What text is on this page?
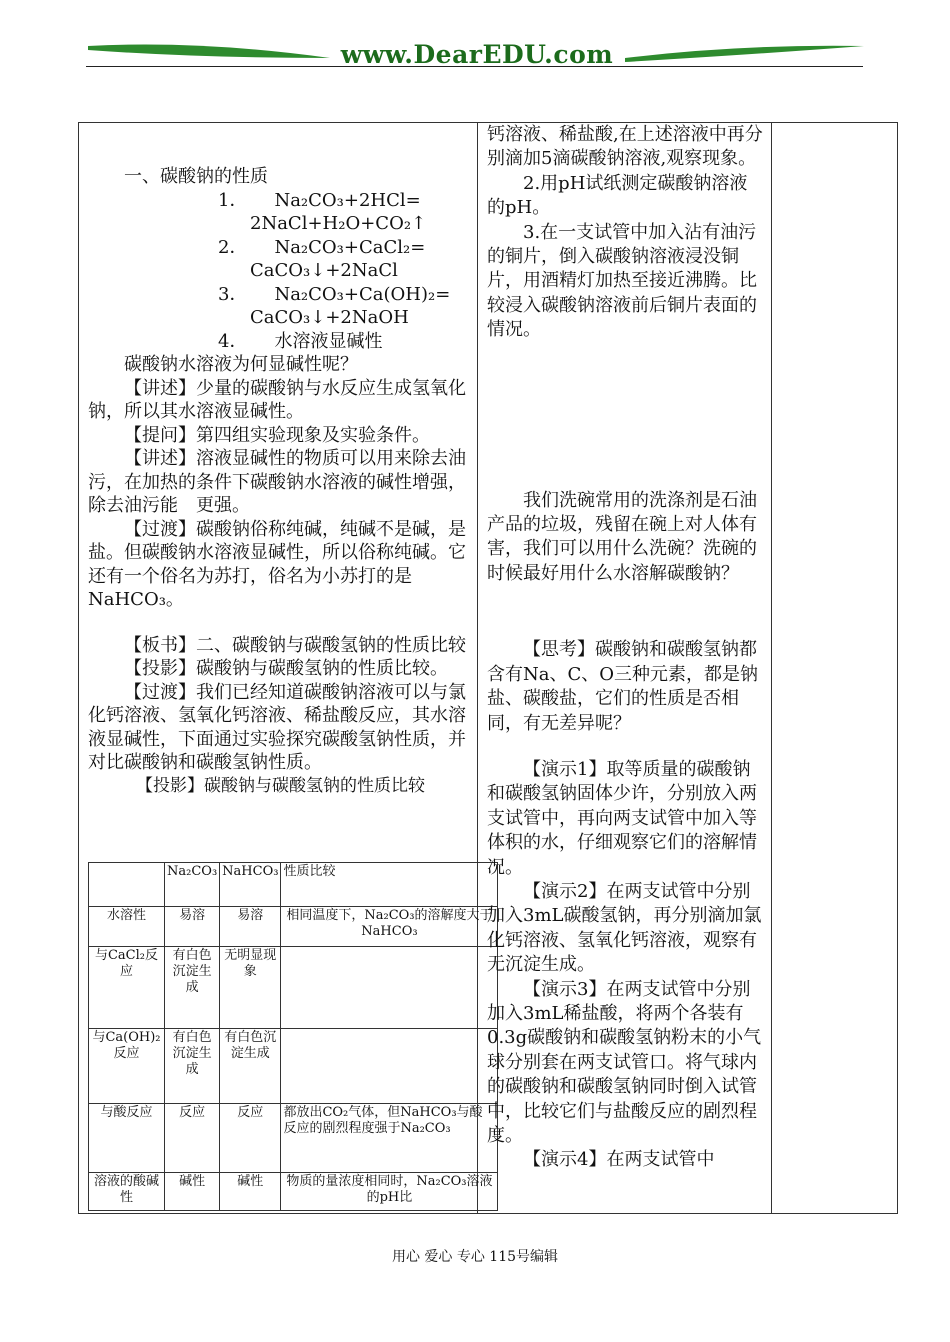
www.DearEDU.com

一、碳酸钠的性质

1．　　Na₂CO₃+2HCl=

2NaCl+H₂O+CO₂↑

2．　　Na₂CO₃+CaCl₂=

CaCO₃↓+2NaCl

3．　　Na₂CO₃+Ca(OH)₂=

CaCO₃↓+2NaOH

4．　　水溶液显碱性

碳酸钠水溶液为何显碱性呢？

【讲述】少量的碳酸钠与水反应生成氢氧化钠，所以其水溶液显碱性。

【提问】第四组实验现象及实验条件。

【讲述】溶液显碱性的物质可以用来除去油污，在加热的条件下碳酸钠水溶液的碱性增强，除去油污能　更强。

【过渡】碳酸钠俗称纯碱，纯碱不是碱，是盐。但碳酸钠水溶液显碱性，所以俗称纯碱。它还有一个俗名为苏打，俗名为小苏打的是NaHCO₃。

【板书】二、碳酸钠与碳酸氢钠的性质比较

【投影】碳酸钠与碳酸氢钠的性质比较。

【过渡】我们已经知道碳酸钠溶液可以与氯化钙溶液、氢氧化钙溶液、稀盐酸反应，其水溶液显碱性，下面通过实验探究碳酸氢钠性质，并对比碳酸钠和碳酸氢钠性质。

【投影】碳酸钠与碳酸氢钠的性质比较

	Na₂CO₃	NaHCO₃	性质比较
水溶性	易溶	易溶	相同温度下，Na₂CO₃的溶解度大于NaHCO₃
与CaCl₂反应	有白色沉淀生成	无明显现象	
与Ca(OH)₂反应	有白色沉淀生成	有白色沉淀生成	
与酸反应	反应	反应	都放出CO₂气体，但NaHCO₃与酸反应的剧烈程度强于Na₂CO₃
溶液的酸碱性	碱性	碱性	物质的量浓度相同时，Na₂CO₃溶液的pH比

钙溶液、稀盐酸,在上述溶液中再分别滴加5滴碳酸钠溶液,观察现象。

2.用pH试纸测定碳酸钠溶液的pH。

3.在一支试管中加入沾有油污的铜片，倒入碳酸钠溶液浸没铜片，用酒精灯加热至接近沸腾。比较浸入碳酸钠溶液前后铜片表面的情况。

我们洗碗常用的洗涤剂是石油产品的垃圾，残留在碗上对人体有害，我们可以用什么洗碗？洗碗的时候最好用什么水溶解碳酸钠？

【思考】碳酸钠和碳酸氢钠都含有Na、C、O三种元素，都是钠盐、碳酸盐，它们的性质是否相同，有无差异呢？

【演示1】取等质量的碳酸钠和碳酸氢钠固体少许，分别放入两支试管中，再向两支试管中加入等体积的水，仔细观察它们的溶解情况。

【演示2】在两支试管中分别加入3mL碳酸氢钠，再分别滴加氯化钙溶液、氢氧化钙溶液，观察有无沉淀生成。

【演示3】在两支试管中分别加入3mL稀盐酸，将两个各装有0.3g碳酸钠和碳酸氢钠粉末的小气球分别套在两支试管口。将气球内的碳酸钠和碳酸氢钠同时倒入试管中，比较它们与盐酸反应的剧烈程度。

【演示4】在两支试管中

用心 爱心 专心 115号编辑
